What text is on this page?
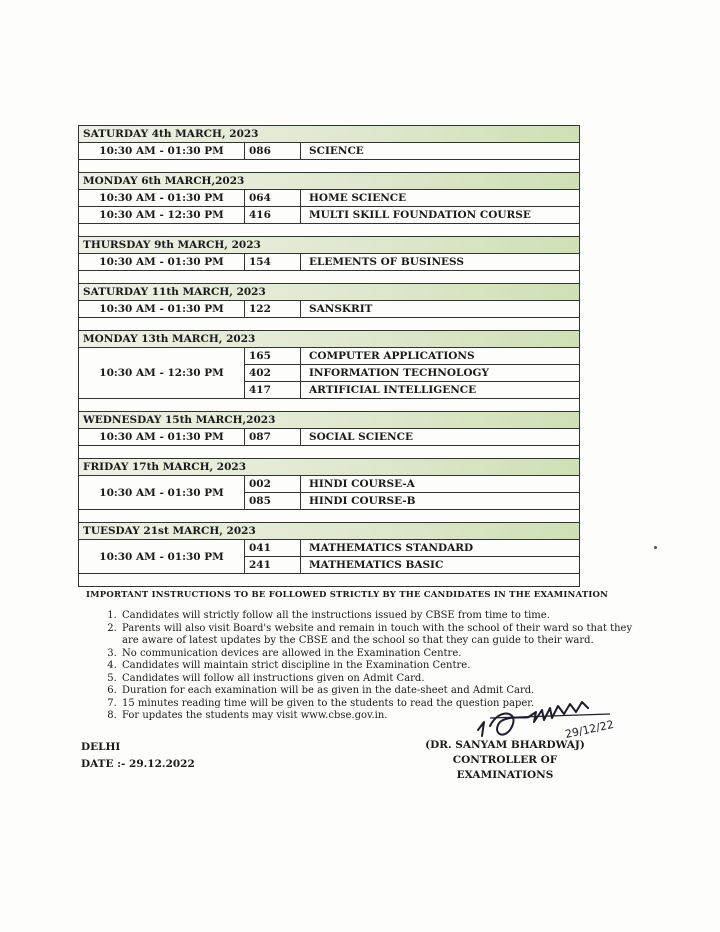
SATURDAY 4th MARCH, 2023
10:30 AM - 01:30 PM	086	SCIENCE
MONDAY 6th MARCH,2023
10:30 AM - 01:30 PM	064	HOME SCIENCE
10:30 AM - 12:30 PM	416	MULTI SKILL FOUNDATION COURSE
THURSDAY 9th MARCH, 2023
10:30 AM - 01:30 PM	154	ELEMENTS OF BUSINESS
SATURDAY 11th MARCH, 2023
10:30 AM - 01:30 PM	122	SANSKRIT
MONDAY 13th MARCH, 2023
10:30 AM - 12:30 PM
165	COMPUTER APPLICATIONS
402	INFORMATION TECHNOLOGY
417	ARTIFICIAL INTELLIGENCE
WEDNESDAY 15th MARCH,2023
10:30 AM - 01:30 PM	087	SOCIAL SCIENCE
FRIDAY 17th MARCH, 2023
10:30 AM - 01:30 PM
002	HINDI COURSE-A
085	HINDI COURSE-B
TUESDAY 21st MARCH, 2023
10:30 AM - 01:30 PM
041	MATHEMATICS STANDARD
241	MATHEMATICS BASIC
IMPORTANT INSTRUCTIONS TO BE FOLLOWED STRICTLY BY THE CANDIDATES IN THE EXAMINATION
1. Candidates will strictly follow all the instructions issued by CBSE from time to time.
2. Parents will also visit Board's website and remain in touch with the school of their ward so that they are aware of latest updates by the CBSE and the school so that they can guide to their ward.
3. No communication devices are allowed in the Examination Centre.
4. Candidates will maintain strict discipline in the Examination Centre.
5. Candidates will follow all instructions given on Admit Card.
6. Duration for each examination will be as given in the date-sheet and Admit Card.
7. 15 minutes reading time will be given to the students to read the question paper.
8. For updates the students may visit www.cbse.gov.in.
DELHI
DATE :- 29.12.2022
29/12/22
(DR. SANYAM BHARDWAJ)
CONTROLLER OF EXAMINATIONS
